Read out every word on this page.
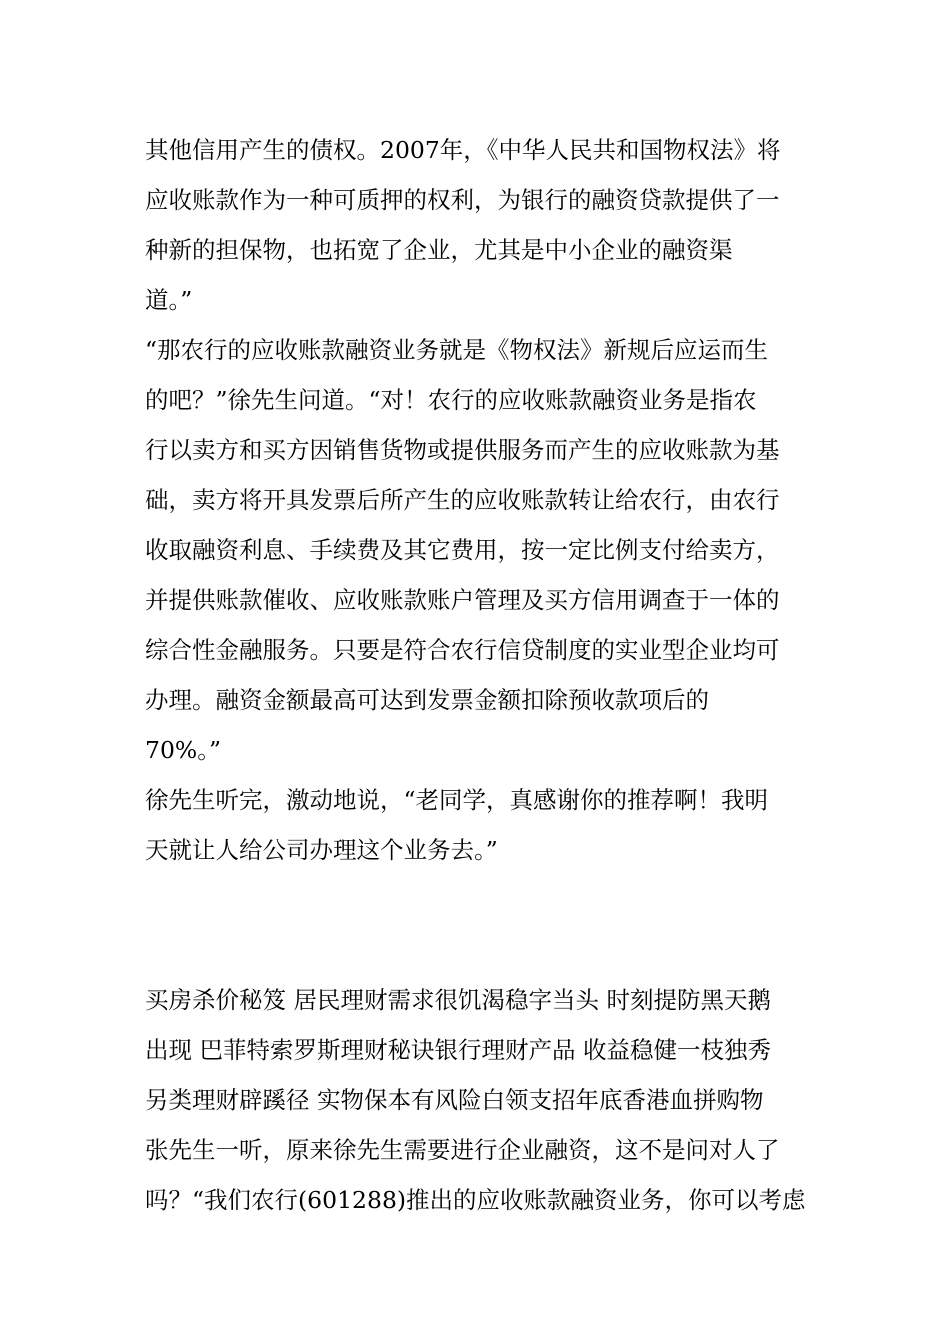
其他信用产生的债权。2007年，《中华人民共和国物权法》将
应收账款作为一种可质押的权利，为银行的融资贷款提供了一
种新的担保物，也拓宽了企业，尤其是中小企业的融资渠
道。”
“那农行的应收账款融资业务就是《物权法》新规后应运而生
的吧？”徐先生问道。“对！农行的应收账款融资业务是指农
行以卖方和买方因销售货物或提供服务而产生的应收账款为基
础，卖方将开具发票后所产生的应收账款转让给农行，由农行
收取融资利息、手续费及其它费用，按一定比例支付给卖方，
并提供账款催收、应收账款账户管理及买方信用调查于一体的
综合性金融服务。只要是符合农行信贷制度的实业型企业均可
办理。融资金额最高可达到发票金额扣除预收款项后的
70%。”
徐先生听完，激动地说，“老同学，真感谢你的推荐啊！我明
天就让人给公司办理这个业务去。”
买房杀价秘笈 居民理财需求很饥渴稳字当头 时刻提防黑天鹅
出现 巴菲特索罗斯理财秘诀银行理财产品 收益稳健一枝独秀
另类理财辟蹊径 实物保本有风险白领支招年底香港血拼购物
张先生一听，原来徐先生需要进行企业融资，这不是问对人了
吗？“我们农行(601288)推出的应收账款融资业务，你可以考虑
